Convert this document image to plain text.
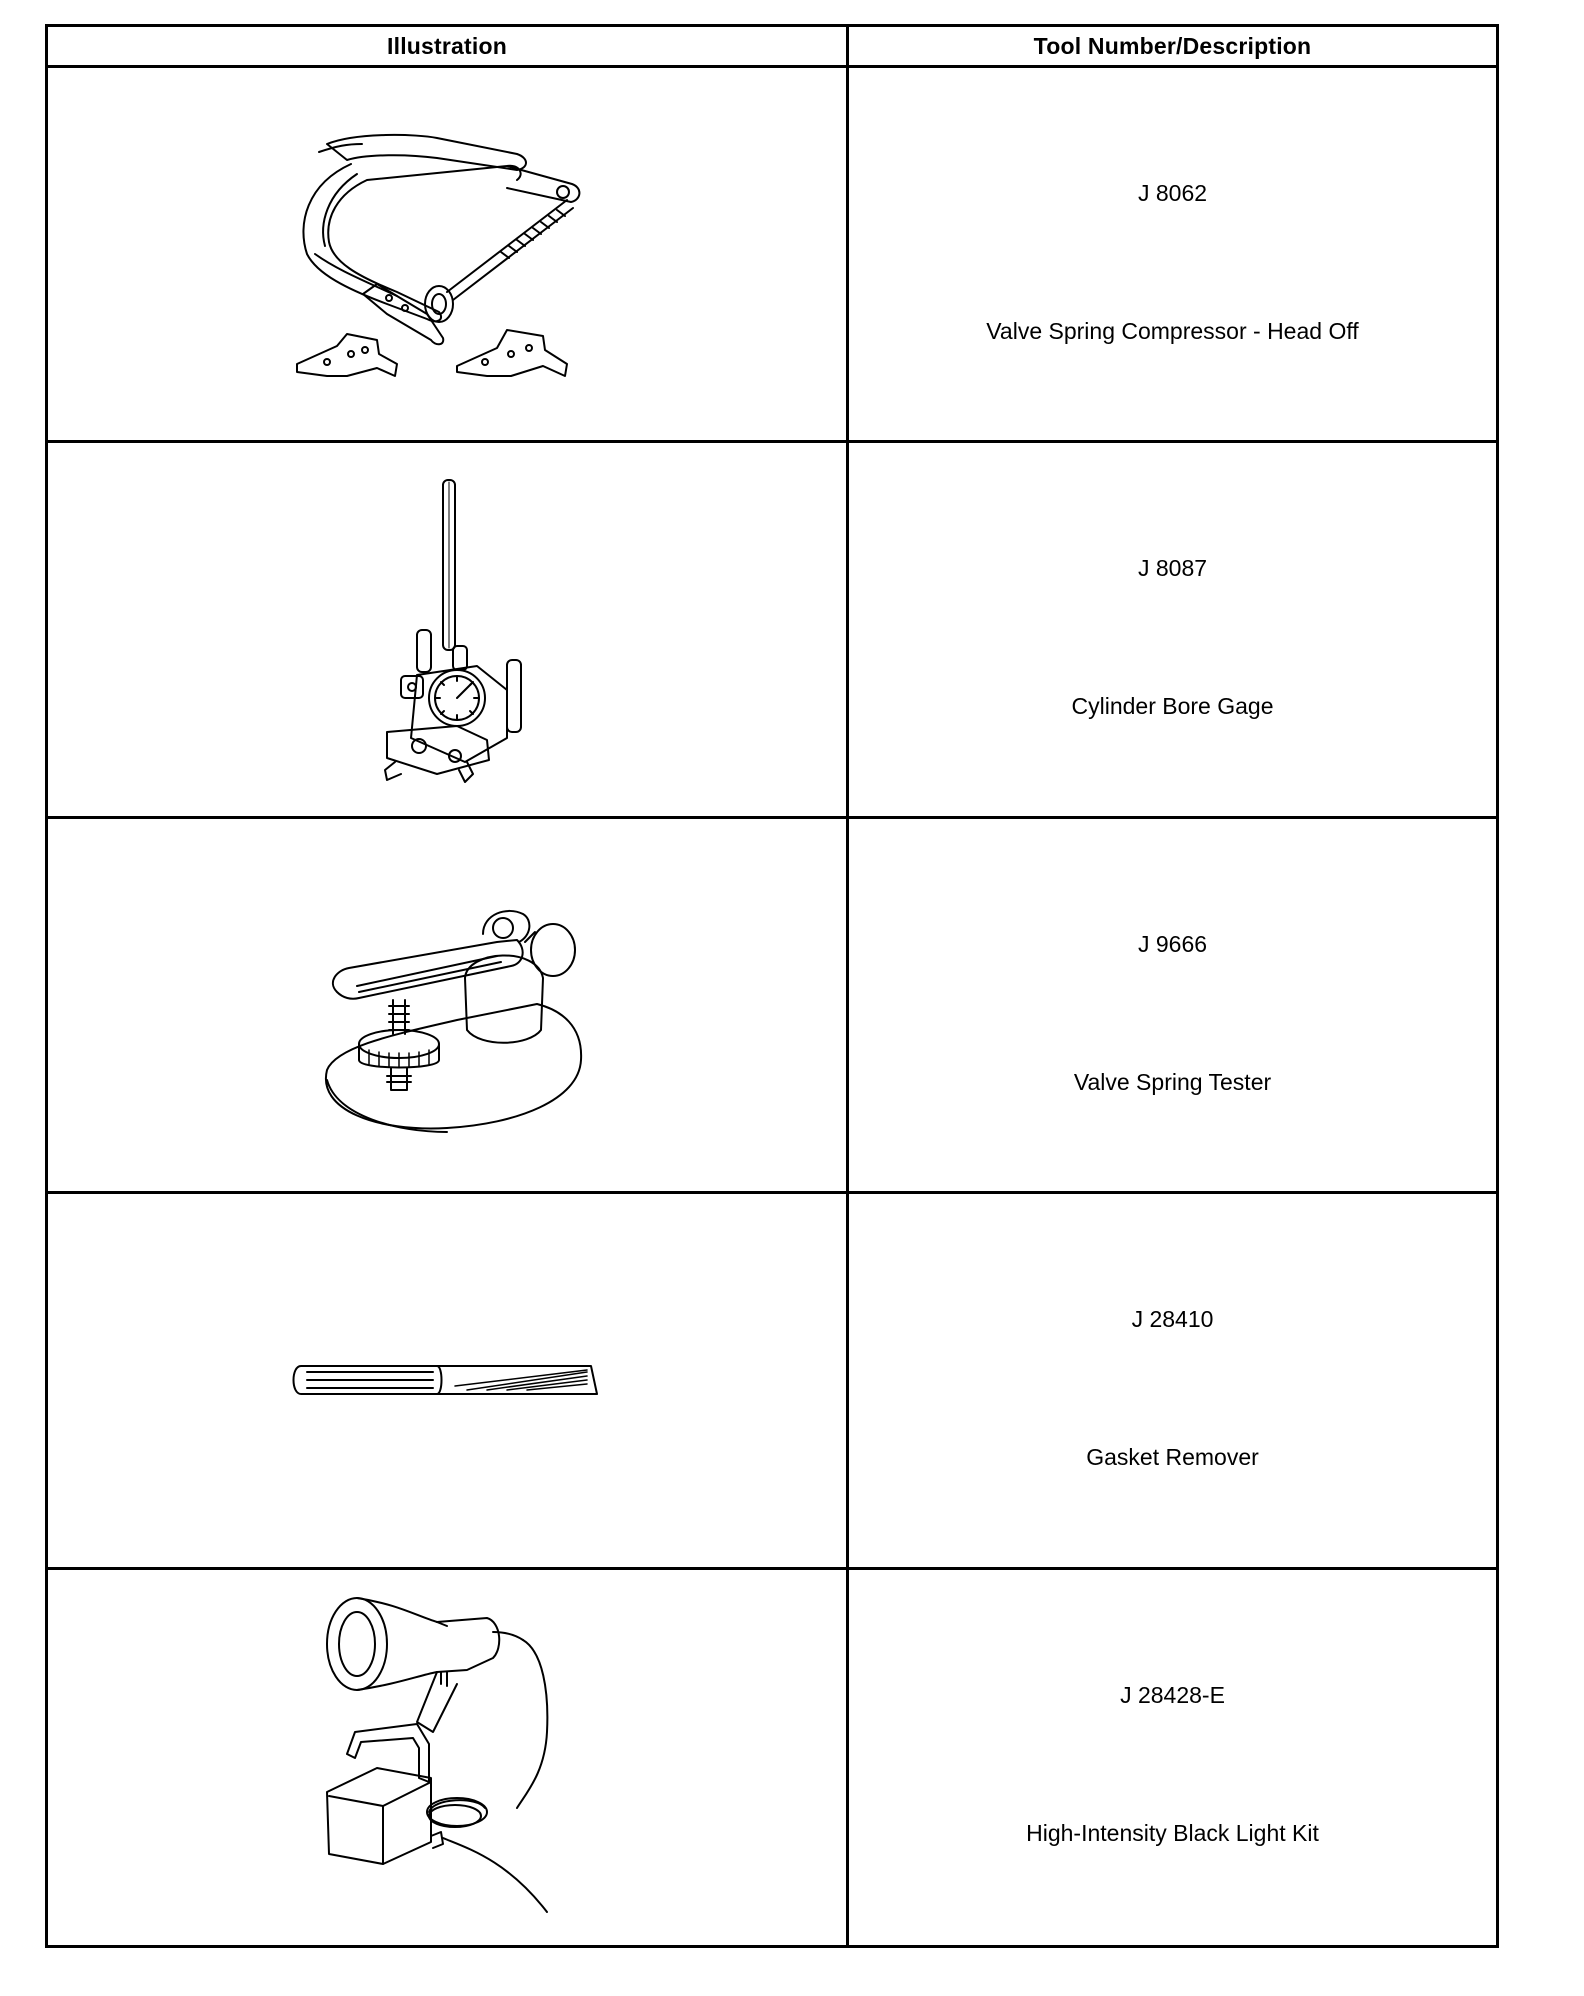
Illustration	Tool Number/Description
J 8062
Valve Spring Compressor - Head Off
J 8087
Cylinder Bore Gage
J 9666
Valve Spring Tester
J 28410
Gasket Remover
J 28428-E
High-Intensity Black Light Kit
